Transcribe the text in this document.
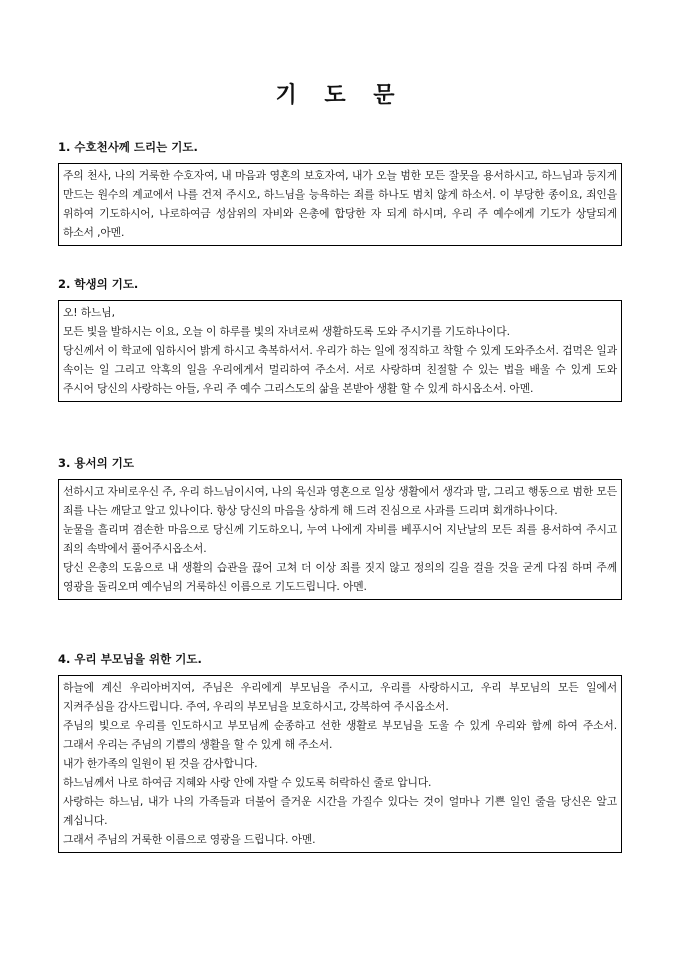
기 도 문
1. 수호천사께 드리는 기도.

주의 천사, 나의 거룩한 수호자여, 내 마음과 영혼의 보호자여, 내가 오늘 범한 모든 잘못을 용서하시고, 하느님과 등지게 만드는 원수의 계교에서 나를 건져 주시오, 하느님을 능욕하는 죄를 하나도 범치 않게 하소서. 이 부당한 종이요, 죄인을 위하여 기도하시어, 나로하여금 성삼위의 자비와 은총에 합당한 자 되게 하시며, 우리 주 예수에게 기도가 상달되게 하소서 ,아멘.

2. 학생의 기도.

오! 하느님,

모든 빛을 발하시는 이요, 오늘 이 하루를 빛의 자녀로써 생활하도록 도와 주시기를 기도하나이다.

당신께서 이 학교에 임하시어 밝게 하시고 축복하서서. 우리가 하는 일에 정직하고 착할 수 있게 도와주소서. 겁먹은 일과 속이는 일 그리고 악혹의 일을 우리에게서 멀리하여 주소서. 서로 사랑하며 친절할 수 있는 법을 배울 수 있게 도와 주시어 당신의 사랑하는 아들, 우리 주 예수 그리스도의 삶을 본받아 생활 할 수 있게 하시옵소서. 아멘.

3. 용서의 기도

선하시고 자비로우신 주, 우리 하느님이시여, 나의 육신과 영혼으로 일상 생활에서 생각과 말, 그리고 행동으로 범한 모든 죄를 나는 깨닫고 알고 있나이다. 항상 당신의 마음을 상하게 해 드려 진심으로 사과를 드리며 회개하나이다.

눈물을 흘리며 겸손한 마음으로 당신께 기도하오니, 누여 나에게 자비를 베푸시어 지난날의 모든 죄를 용서하여 주시고 죄의 속박에서 풀어주시옵소서.

당신 은총의 도움으로 내 생활의 습관을 끊어 고쳐 더 이상 죄를 짓지 않고 정의의 길을 걸을 것을 굳게 다짐 하며 주께 영광을 돌리오며 예수님의 거룩하신 이름으로 기도드립니다. 아멘.

4. 우리 부모님을 위한 기도.

하늘에 계신 우리아버지여, 주님은 우리에게 부모님을 주시고, 우리를 사랑하시고, 우리 부모님의 모든 일에서 지켜주심을 감사드립니다. 주여, 우리의 부모님을 보호하시고, 강복하여 주시옵소서.

주님의 빛으로 우리를 인도하시고 부모님께 순종하고 선한 생활로 부모님을 도울 수 있게 우리와 함께 하여 주소서. 그래서 우리는 주님의 기쁨의 생활을 할 수 있게 해 주소서.

내가 한가족의 일원이 된 것을 감사합니다.

하느님께서 나로 하여금 지혜와 사랑 안에 자랄 수 있도록 허락하신 줄로 압니다.

사랑하는 하느님, 내가 나의 가족들과 더불어 즐거운 시간을 가질수 있다는 것이 얼마나 기쁜 일인 줄을 당신은 알고 계십니다.

그래서 주님의 거룩한 이름으로 영광을 드립니다. 아멘.
